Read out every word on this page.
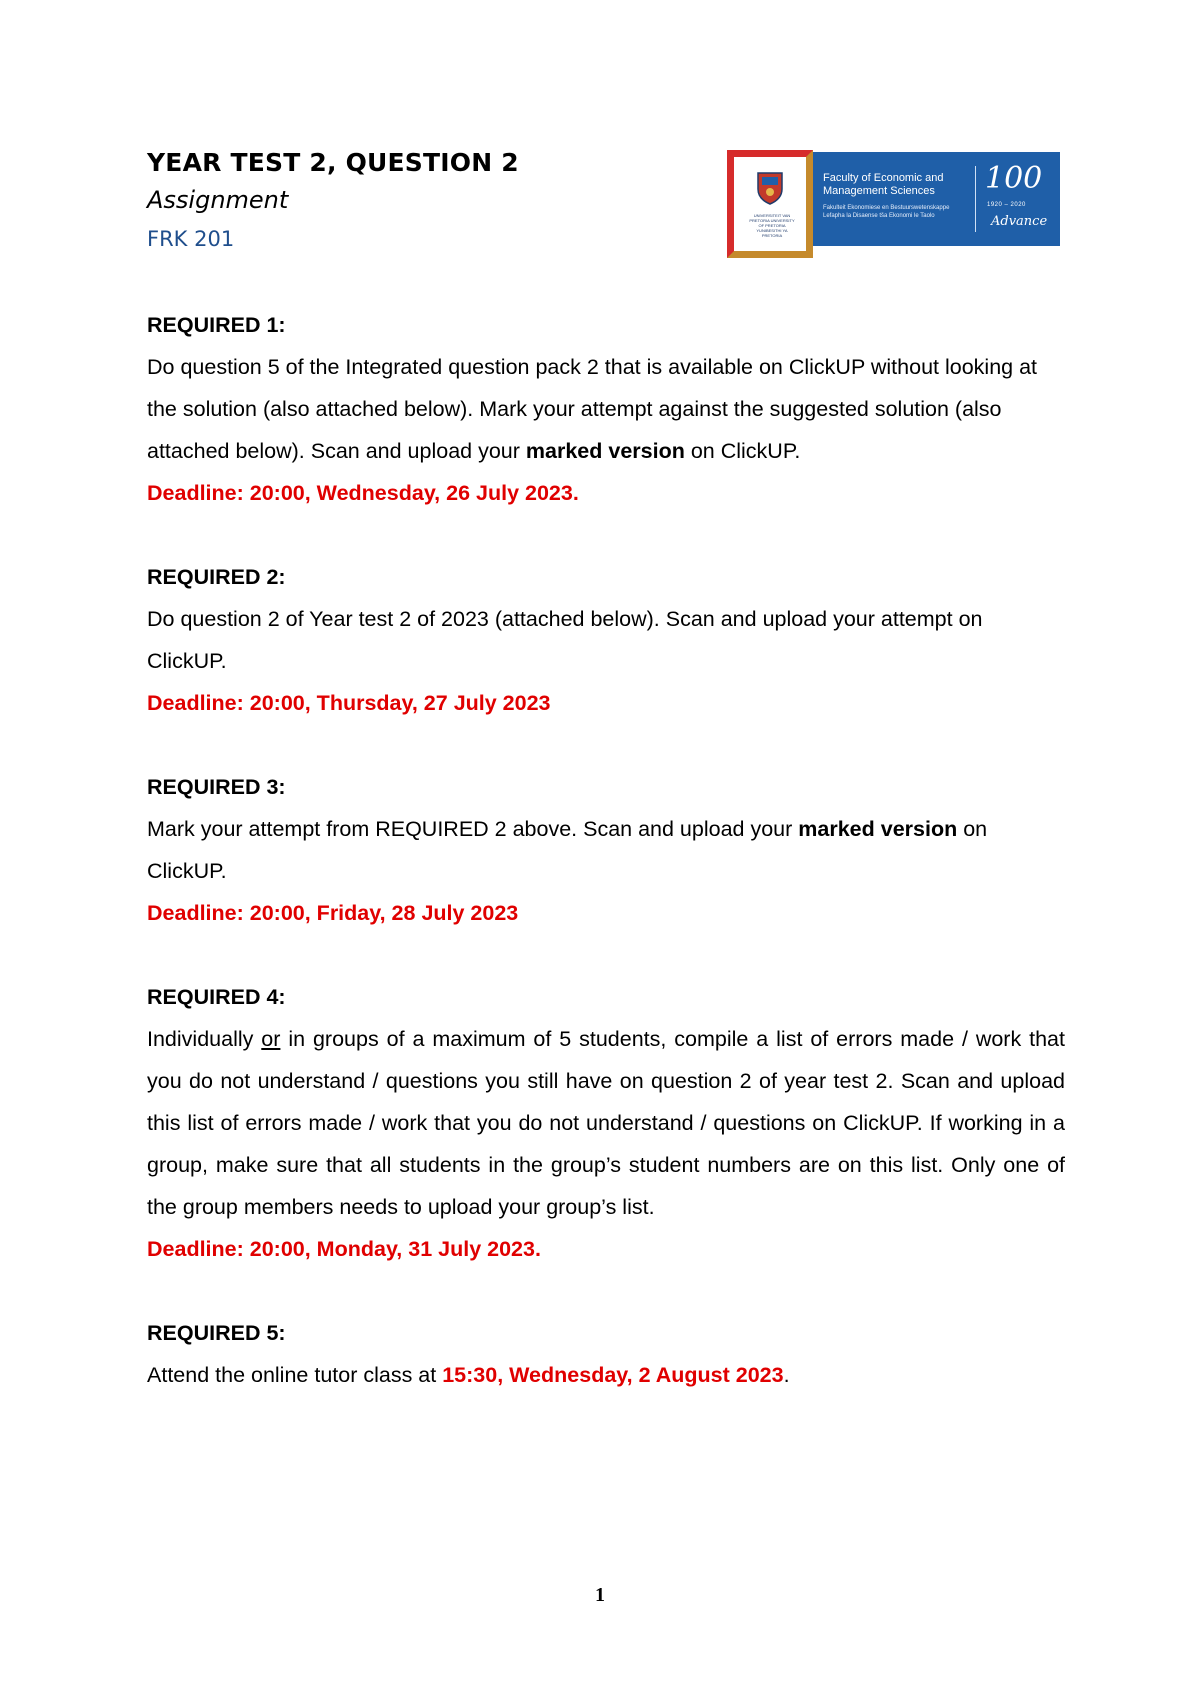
YEAR TEST 2, QUESTION 2

Assignment

FRK 201

UNIVERSITEIT VAN PRETORIA UNIVERSITY OF PRETORIA YUNIBESITHI YA PRETORIA
Faculty of Economic and Management Sciences
Fakulteit Ekonomiese en Bestuurswetenskappe
Lefapha la Disaense tša Ekonomi le Taolo
100
1920 – 2020
Advance

REQUIRED 1:

Do question 5 of the Integrated question pack 2 that is available on ClickUP without looking at the solution (also attached below). Mark your attempt against the suggested solution (also attached below). Scan and upload your marked version on ClickUP.

Deadline: 20:00, Wednesday, 26 July 2023.

REQUIRED 2:

Do question 2 of Year test 2 of 2023 (attached below). Scan and upload your attempt on ClickUP.

Deadline: 20:00, Thursday, 27 July 2023

REQUIRED 3:

Mark your attempt from REQUIRED 2 above. Scan and upload your marked version on ClickUP.

Deadline: 20:00, Friday, 28 July 2023

REQUIRED 4:

Individually or in groups of a maximum of 5 students, compile a list of errors made / work that you do not understand / questions you still have on question 2 of year test 2. Scan and upload this list of errors made / work that you do not understand / questions on ClickUP. If working in a group, make sure that all students in the group’s student numbers are on this list. Only one of the group members needs to upload your group’s list.

Deadline: 20:00, Monday, 31 July 2023.

REQUIRED 5:

Attend the online tutor class at 15:30, Wednesday, 2 August 2023.

1
